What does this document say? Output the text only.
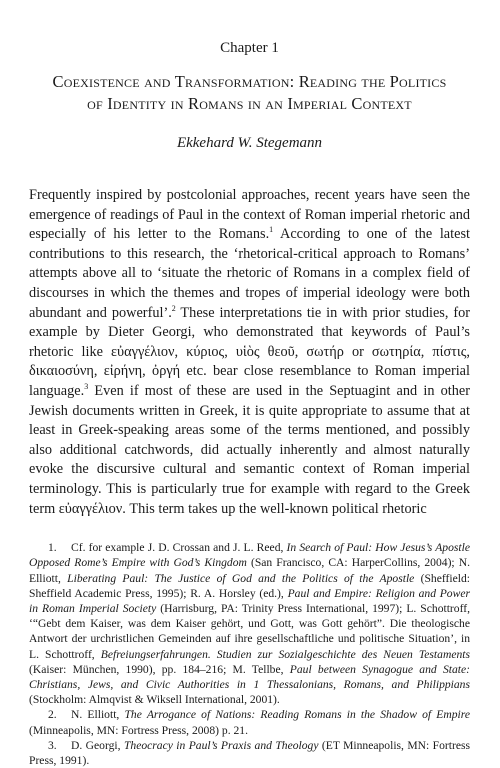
Chapter 1

Coexistence and Transformation: Reading the Politics
of Identity in Romans in an Imperial Context

Ekkehard W. Stegemann

Frequently inspired by postcolonial approaches, recent years have seen the emergence of readings of Paul in the context of Roman imperial rhetoric and especially of his letter to the Romans.$^1$ According to one of the latest contributions to this research, the ‘rhetorical-critical approach to Romans’ attempts above all to ‘situate the rhetoric of Romans in a complex field of discourses in which the themes and tropes of imperial ideology were both abundant and powerful’.$^2$ These interpretations tie in with prior studies, for example by Dieter Georgi, who demonstrated that keywords of Paul’s rhetoric like εὐαγγέλιον, κύριος, υἱὸς θεοῦ, σωτήρ or σωτηρία, πίστις, δικαιοσύνη, εἰρήνη, ὀργή etc. bear close resemblance to Roman imperial language.$^3$ Even if most of these are used in the Septuagint and in other Jewish documents written in Greek, it is quite appropriate to assume that at least in Greek-speaking areas some of the terms mentioned, and possibly also additional catchwords, did actually inherently and almost naturally evoke the discursive cultural and semantic context of Roman imperial terminology. This is particularly true for example with regard to the Greek term εὐαγγέλιον. This term takes up the well-known political rhetoric

1. Cf. for example J. D. Crossan and J. L. Reed, In Search of Paul: How Jesus’s Apostle Opposed Rome’s Empire with God’s Kingdom (San Francisco, CA: HarperCollins, 2004); N. Elliott, Liberating Paul: The Justice of God and the Politics of the Apostle (Sheffield: Sheffield Academic Press, 1995); R. A. Horsley (ed.), Paul and Empire: Religion and Power in Roman Imperial Society (Harrisburg, PA: Trinity Press International, 1997); L. Schottroff, ‘“Gebt dem Kaiser, was dem Kaiser gehört, und Gott, was Gott gehört”. Die theologische Antwort der urchristlichen Gemeinden auf ihre gesellschaftliche und politische Situation’, in L. Schottroff, Befreiungserfahrungen. Studien zur Sozialgeschichte des Neuen Testaments (Kaiser: München, 1990), pp. 184–216; M. Tellbe, Paul between Synagogue and State: Christians, Jews, and Civic Authorities in 1 Thessalonians, Romans, and Philippians (Stockholm: Almqvist & Wiksell International, 2001).

2. N. Elliott, The Arrogance of Nations: Reading Romans in the Shadow of Empire (Minneapolis, MN: Fortress Press, 2008) p. 21.

3. D. Georgi, Theocracy in Paul’s Praxis and Theology (ET Minneapolis, MN: Fortress Press, 1991).
